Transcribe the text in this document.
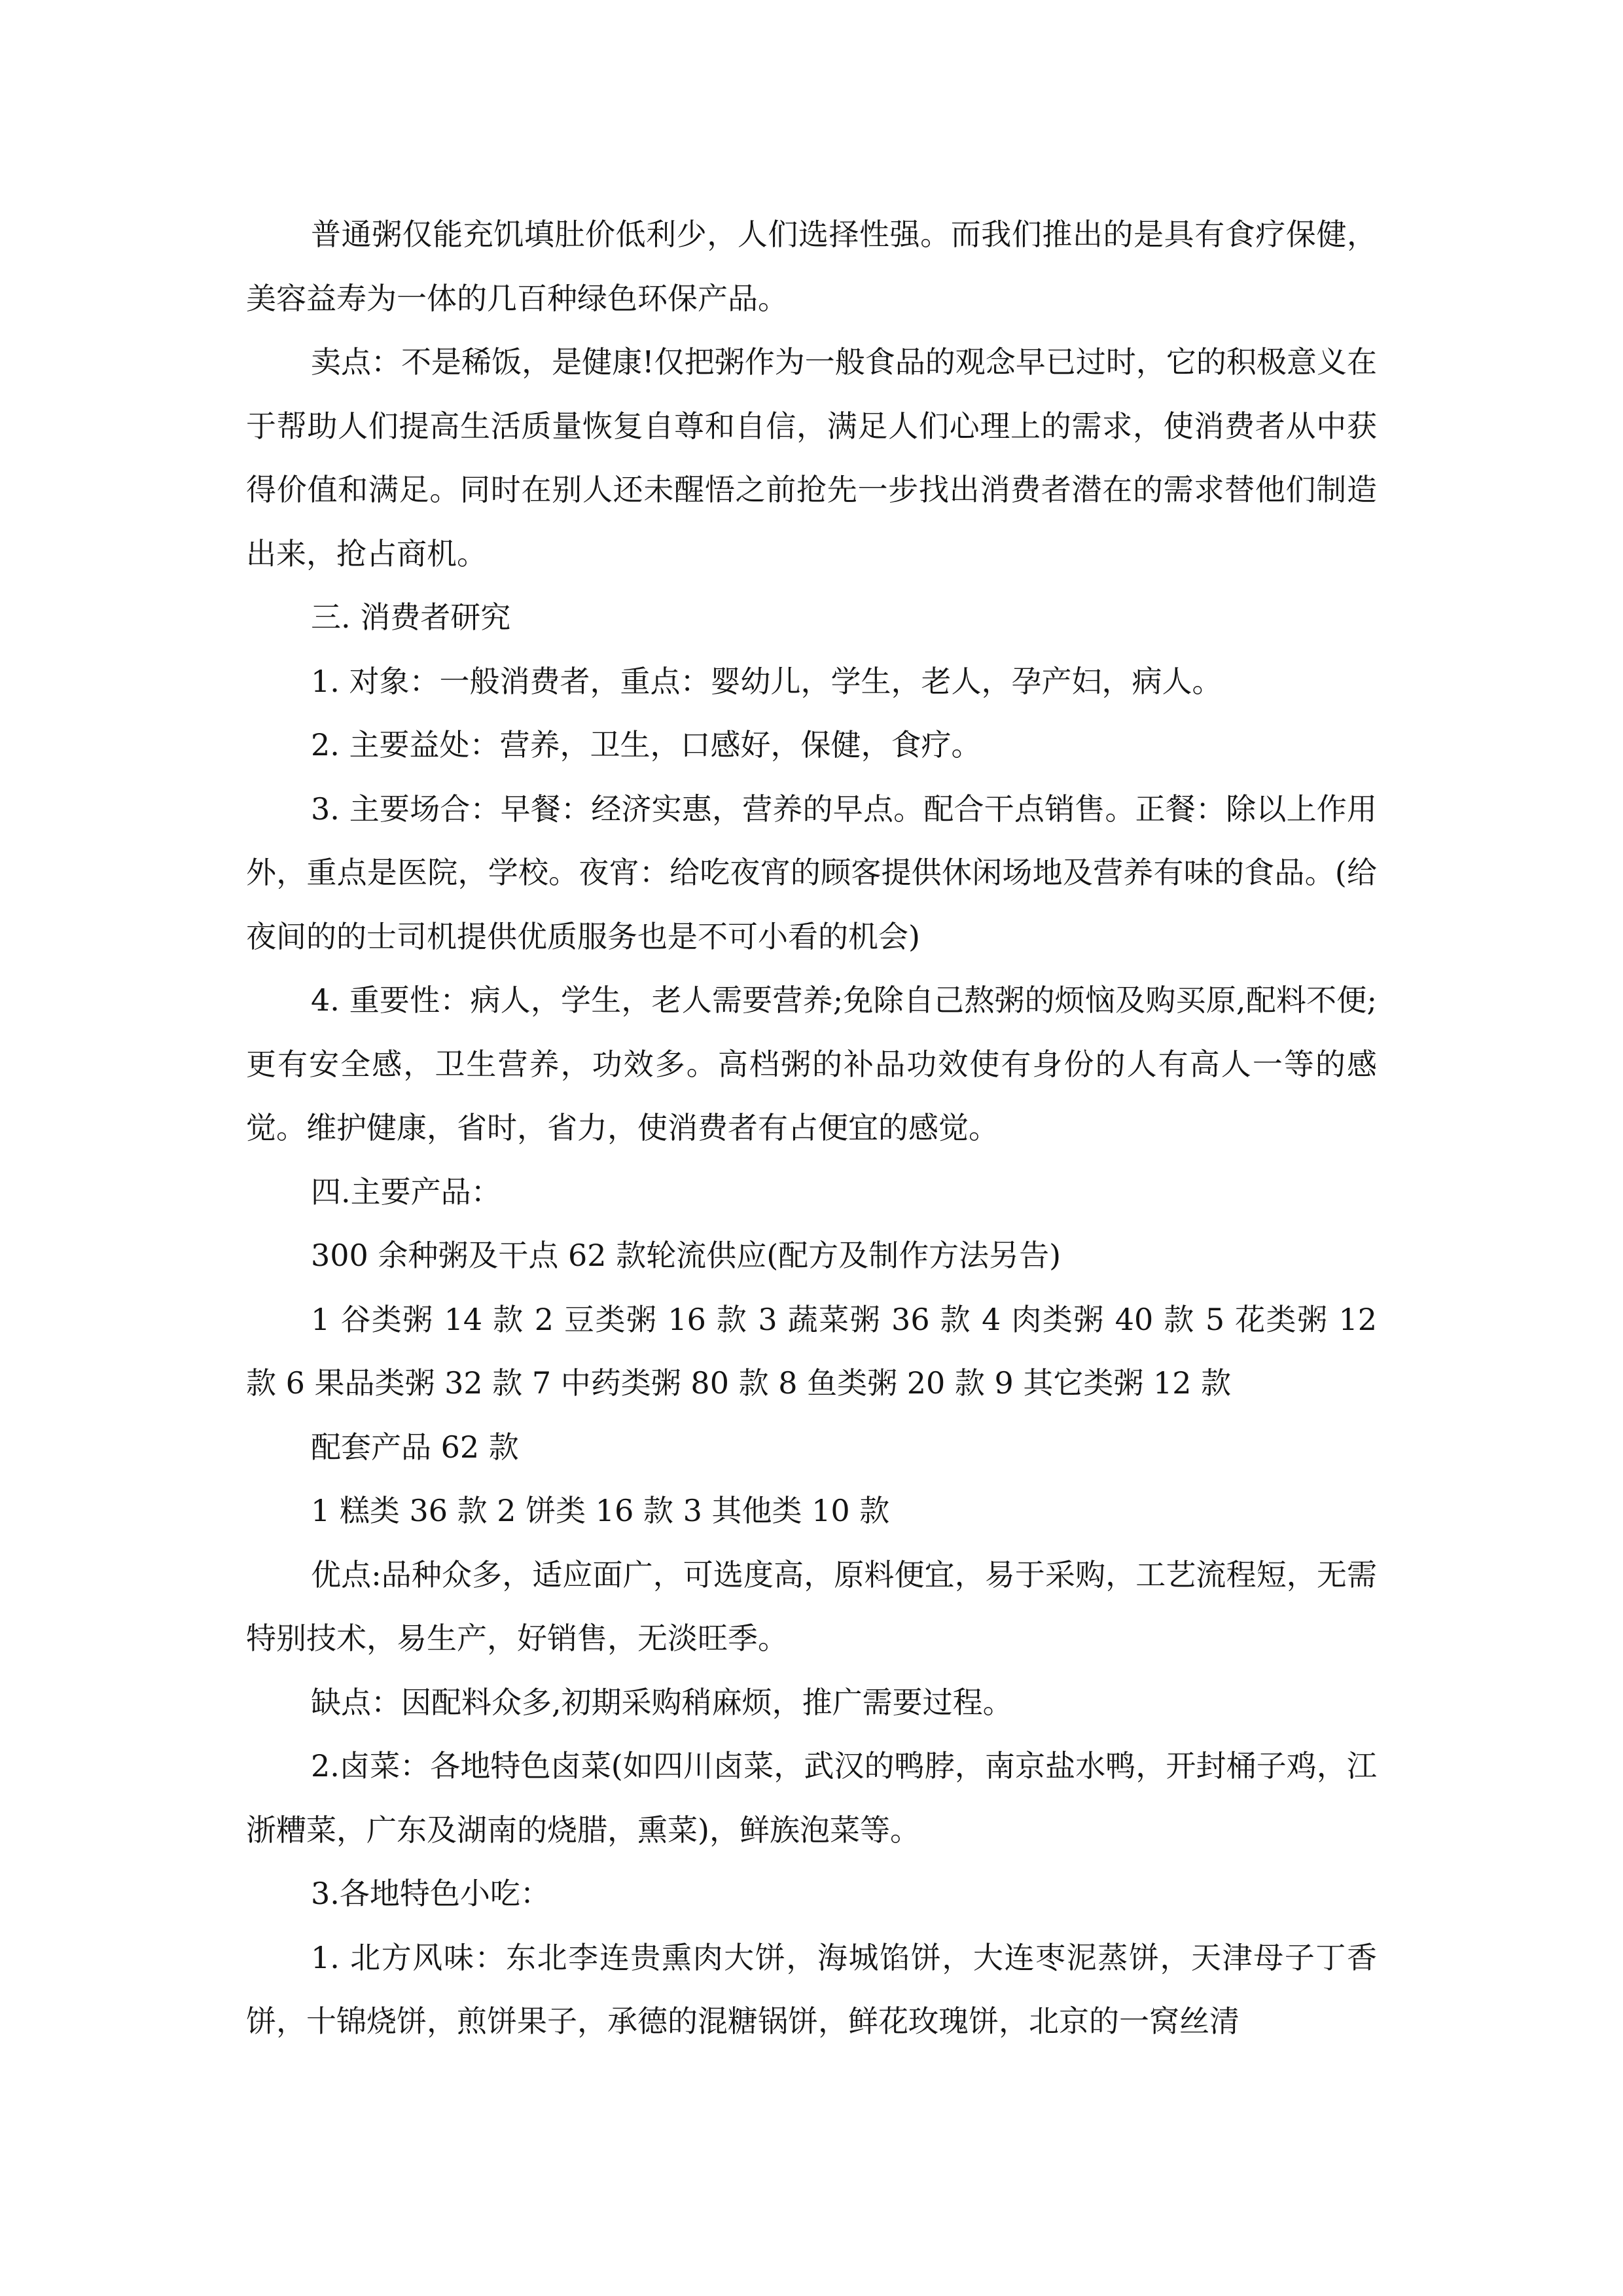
普通粥仅能充饥填肚价低利少，人们选择性强。而我们推出的是具有食疗保健，美容益寿为一体的几百种绿色环保产品。

卖点：不是稀饭，是健康!仅把粥作为一般食品的观念早已过时，它的积极意义在于帮助人们提高生活质量恢复自尊和自信，满足人们心理上的需求，使消费者从中获得价值和满足。同时在别人还未醒悟之前抢先一步找出消费者潜在的需求替他们制造出来，抢占商机。

三. 消费者研究

1. 对象：一般消费者，重点：婴幼儿，学生，老人，孕产妇，病人。

2. 主要益处：营养，卫生，口感好，保健，食疗。

3. 主要场合：早餐：经济实惠，营养的早点。配合干点销售。正餐：除以上作用外，重点是医院，学校。夜宵：给吃夜宵的顾客提供休闲场地及营养有味的食品。(给夜间的的士司机提供优质服务也是不可小看的机会)

4. 重要性：病人，学生，老人需要营养;免除自己熬粥的烦恼及购买原,配料不便;更有安全感，卫生营养，功效多。高档粥的补品功效使有身份的人有高人一等的感觉。维护健康，省时，省力，使消费者有占便宜的感觉。

四.主要产品：

300 余种粥及干点 62 款轮流供应(配方及制作方法另告)

1 谷类粥 14 款 2 豆类粥 16 款 3 蔬菜粥 36 款 4 肉类粥 40 款 5 花类粥 12 款 6 果品类粥 32 款 7 中药类粥 80 款 8 鱼类粥 20 款 9 其它类粥 12 款

配套产品 62 款

1 糕类 36 款 2 饼类 16 款 3 其他类 10 款

优点:品种众多，适应面广，可选度高，原料便宜，易于采购，工艺流程短，无需特别技术，易生产，好销售，无淡旺季。

缺点：因配料众多,初期采购稍麻烦，推广需要过程。

2.卤菜：各地特色卤菜(如四川卤菜，武汉的鸭脖，南京盐水鸭，开封桶子鸡，江浙糟菜，广东及湖南的烧腊，熏菜)，鲜族泡菜等。

3.各地特色小吃：

1. 北方风味：东北李连贵熏肉大饼，海城馅饼，大连枣泥蒸饼，天津母子丁香饼，十锦烧饼，煎饼果子，承德的混糖锅饼，鲜花玫瑰饼，北京的一窝丝清
